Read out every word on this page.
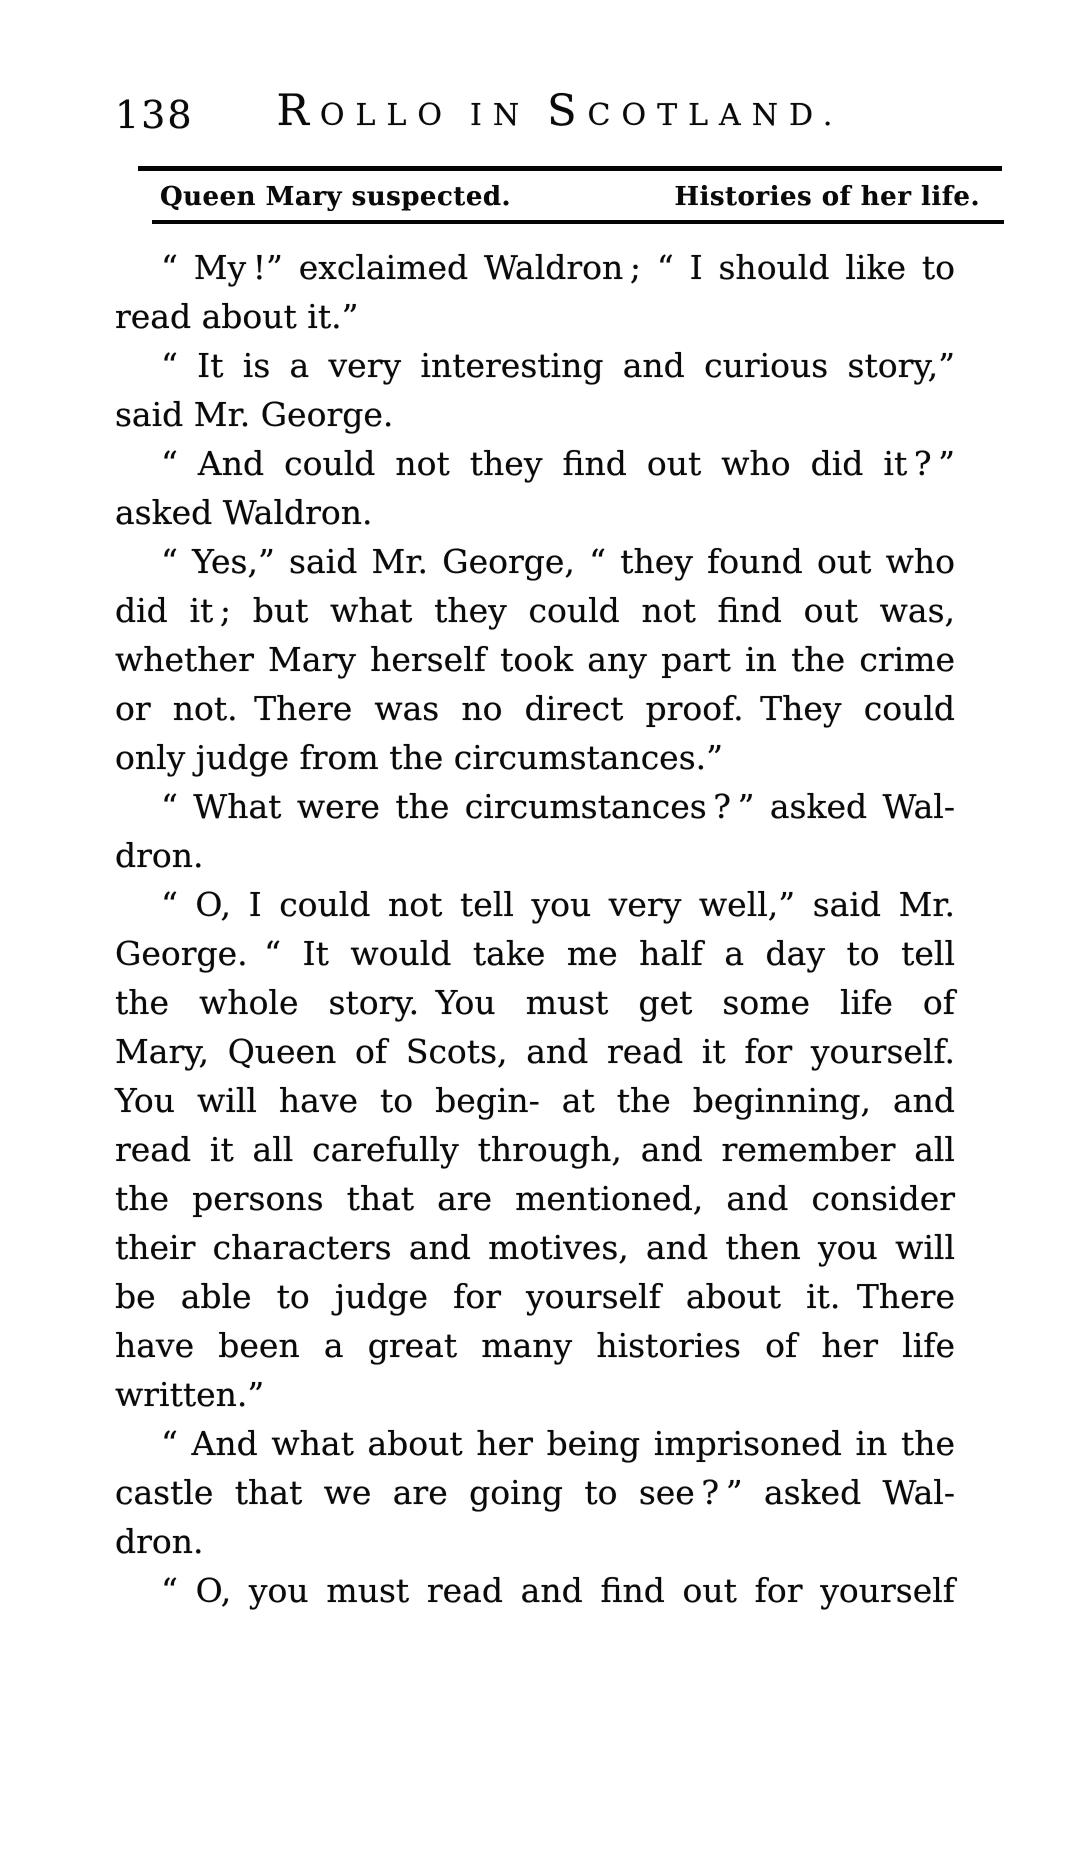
138	ROLLO IN SCOTLAND.
Queen Mary suspected.	Histories of her life.
“ My !” exclaimed Waldron ; “ I should like to
read about it.”
“ It is a very interesting and curious story,”
said Mr. George.
“ And could not they find out who did it ? ”
asked Waldron.
“ Yes,” said Mr. George, “ they found out who
did it ; but what they could not find out was,
whether Mary herself took any part in the crime
or not. There was no direct proof. They could
only judge from the circumstances.”
“ What were the circumstances ? ” asked Wal-
dron.
“ O, I could not tell you very well,” said Mr.
George. “ It would take me half a day to tell
the whole story. You must get some life of
Mary, Queen of Scots, and read it for yourself.
You will have to begin- at the beginning, and
read it all carefully through, and remember all
the persons that are mentioned, and consider
their characters and motives, and then you will
be able to judge for yourself about it. There
have been a great many histories of her life
written.”
“ And what about her being imprisoned in the
castle that we are going to see ? ” asked Wal-
dron.
“ O, you must read and find out for yourself
